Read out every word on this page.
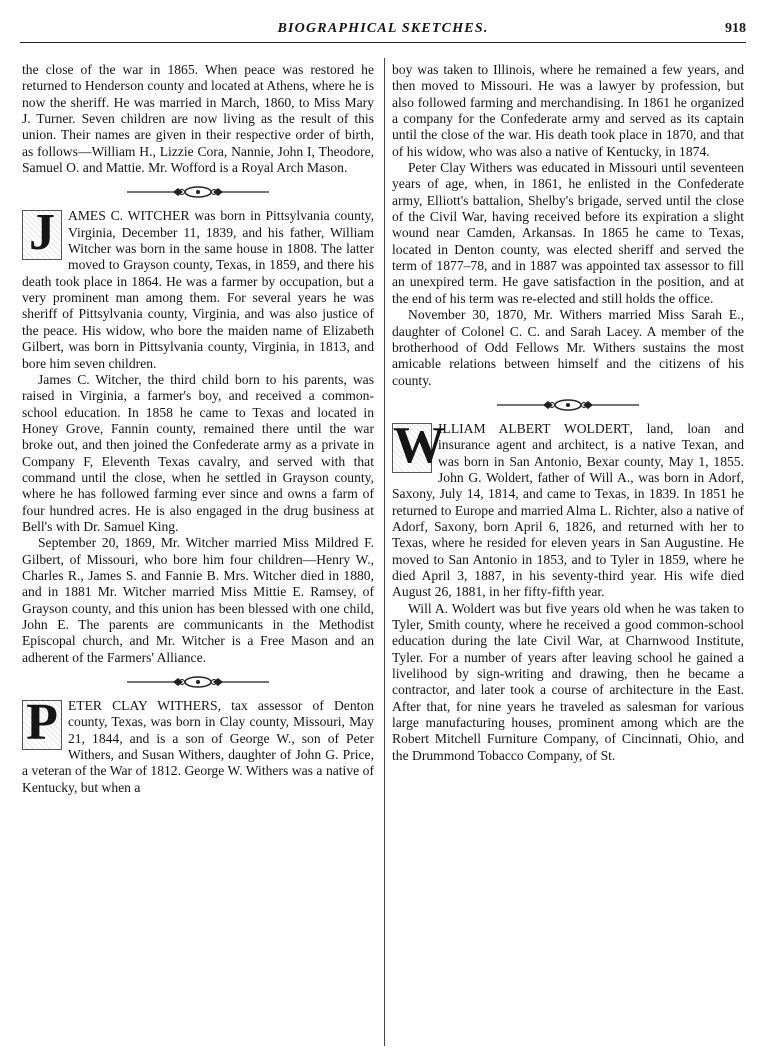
BIOGRAPHICAL SKETCHES.	918

the close of the war in 1865. When peace was restored he returned to Henderson county and located at Athens, where he is now the sheriff. He was married in March, 1860, to Miss Mary J. Turner. Seven children are now living as the result of this union. Their names are given in their respective order of birth, as follows—William H., Lizzie Cora, Nannie, John I, Theodore, Samuel O. and Mattie. Mr. Wofford is a Royal Arch Mason.

J AMES C. WITCHER was born in Pittsylvania county, Virginia, December 11, 1839, and his father, William Witcher was born in the same house in 1808. The latter moved to Grayson county, Texas, in 1859, and there his death took place in 1864. He was a farmer by occupation, but a very prominent man among them. For several years he was sheriff of Pittsylvania county, Virginia, and was also justice of the peace. His widow, who bore the maiden name of Elizabeth Gilbert, was born in Pittsylvania county, Virginia, in 1813, and bore him seven children.

James C. Witcher, the third child born to his parents, was raised in Virginia, a farmer's boy, and received a common-school education. In 1858 he came to Texas and located in Honey Grove, Fannin county, remained there until the war broke out, and then joined the Confederate army as a private in Company F, Eleventh Texas cavalry, and served with that command until the close, when he settled in Grayson county, where he has followed farming ever since and owns a farm of four hundred acres. He is also engaged in the drug business at Bell's with Dr. Samuel King.

September 20, 1869, Mr. Witcher married Miss Mildred F. Gilbert, of Missouri, who bore him four children—Henry W., Charles R., James S. and Fannie B. Mrs. Witcher died in 1880, and in 1881 Mr. Witcher married Miss Mittie E. Ramsey, of Grayson county, and this union has been blessed with one child, John E. The parents are communicants in the Methodist Episcopal church, and Mr. Witcher is a Free Mason and an adherent of the Farmers' Alliance.

P ETER CLAY WITHERS, tax assessor of Denton county, Texas, was born in Clay county, Missouri, May 21, 1844, and is a son of George W., son of Peter Withers, and Susan Withers, daughter of John G. Price, a veteran of the War of 1812. George W. Withers was a native of Kentucky, but when a

boy was taken to Illinois, where he remained a few years, and then moved to Missouri. He was a lawyer by profession, but also followed farming and merchandising. In 1861 he organized a company for the Confederate army and served as its captain until the close of the war. His death took place in 1870, and that of his widow, who was also a native of Kentucky, in 1874.

Peter Clay Withers was educated in Missouri until seventeen years of age, when, in 1861, he enlisted in the Confederate army, Elliott's battalion, Shelby's brigade, served until the close of the Civil War, having received before its expiration a slight wound near Camden, Arkansas. In 1865 he came to Texas, located in Denton county, was elected sheriff and served the term of 1877–78, and in 1887 was appointed tax assessor to fill an unexpired term. He gave satisfaction in the position, and at the end of his term was re-elected and still holds the office.

November 30, 1870, Mr. Withers married Miss Sarah E., daughter of Colonel C. C. and Sarah Lacey. A member of the brotherhood of Odd Fellows Mr. Withers sustains the most amicable relations between himself and the citizens of his county.

W
ILLIAM ALBERT WOLDERT, land, loan and insurance agent and architect, is a native Texan, and was born in San Antonio, Bexar county, May 1, 1855. John G. Woldert, father of Will A., was born in Adorf, Saxony, July 14, 1814, and came to Texas, in 1839. In 1851 he returned to Europe and married Alma L. Richter, also a native of Adorf, Saxony, born April 6, 1826, and returned with her to Texas, where he resided for eleven years in San Augustine. He moved to San Antonio in 1853, and to Tyler in 1859, where he died April 3, 1887, in his seventy-third year. His wife died August 26, 1881, in her fifty-fifth year.

Will A. Woldert was but five years old when he was taken to Tyler, Smith county, where he received a good common-school education during the late Civil War, at Charnwood Institute, Tyler. For a number of years after leaving school he gained a livelihood by sign-writing and drawing, then he became a contractor, and later took a course of architecture in the East. After that, for nine years he traveled as salesman for various large manufacturing houses, prominent among which are the Robert Mitchell Furniture Company, of Cincinnati, Ohio, and the Drummond Tobacco Company, of St.
